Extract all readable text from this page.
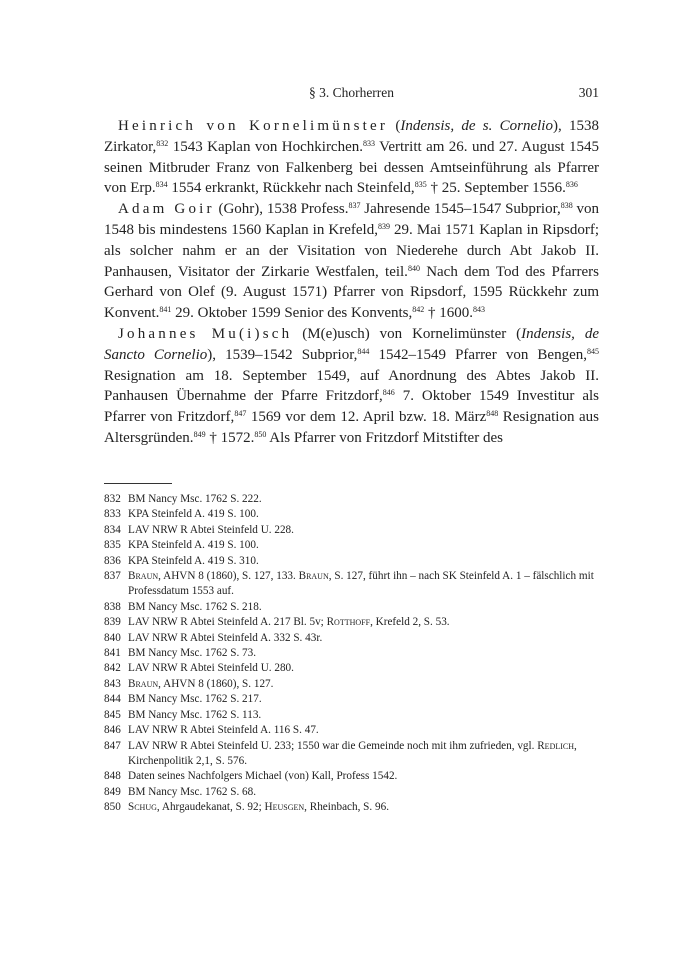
§ 3. Chorherren	301

Heinrich von Kornelimünster (Indensis, de s. Cornelio), 1538 Zirkator,$^{832}$ 1543 Kaplan von Hochkirchen.$^{833}$ Vertritt am 26. und 27. August 1545 seinen Mitbruder Franz von Falkenberg bei dessen Amtseinführung als Pfarrer von Erp.$^{834}$ 1554 erkrankt, Rückkehr nach Steinfeld,$^{835}$ † 25. September 1556.$^{836}$

Adam Goir (Gohr), 1538 Profess.$^{837}$ Jahresende 1545–1547 Subprior,$^{838}$ von 1548 bis mindestens 1560 Kaplan in Krefeld,$^{839}$ 29. Mai 1571 Kaplan in Ripsdorf; als solcher nahm er an der Visitation von Niederehe durch Abt Jakob II. Panhausen, Visitator der Zirkarie Westfalen, teil.$^{840}$ Nach dem Tod des Pfarrers Gerhard von Olef (9. August 1571) Pfarrer von Ripsdorf, 1595 Rückkehr zum Konvent.$^{841}$ 29. Oktober 1599 Senior des Konvents,$^{842}$ † 1600.$^{843}$

Johannes Mu(i)sch (M(e)usch) von Kornelimünster (Indensis, de Sancto Cornelio), 1539–1542 Subprior,$^{844}$ 1542–1549 Pfarrer von Bengen,$^{845}$ Resignation am 18. September 1549, auf Anordnung des Abtes Jakob II. Panhausen Übernahme der Pfarre Fritzdorf,$^{846}$ 7. Oktober 1549 Investitur als Pfarrer von Fritzdorf,$^{847}$ 1569 vor dem 12. April bzw. 18. März$^{848}$ Resignation aus Altersgründen.$^{849}$ † 1572.$^{850}$ Als Pfarrer von Fritzdorf Mitstifter des

832 BM Nancy Msc. 1762 S. 222.
833 KPA Steinfeld A. 419 S. 100.
834 LAV NRW R Abtei Steinfeld U. 228.
835 KPA Steinfeld A. 419 S. 100.
836 KPA Steinfeld A. 419 S. 310.
837 Braun, AHVN 8 (1860), S. 127, 133. Braun, S. 127, führt ihn – nach SK Steinfeld A. 1 – fälschlich mit Professdatum 1553 auf.
838 BM Nancy Msc. 1762 S. 218.
839 LAV NRW R Abtei Steinfeld A. 217 Bl. 5v; Rotthoff, Krefeld 2, S. 53.
840 LAV NRW R Abtei Steinfeld A. 332 S. 43r.
841 BM Nancy Msc. 1762 S. 73.
842 LAV NRW R Abtei Steinfeld U. 280.
843 Braun, AHVN 8 (1860), S. 127.
844 BM Nancy Msc. 1762 S. 217.
845 BM Nancy Msc. 1762 S. 113.
846 LAV NRW R Abtei Steinfeld A. 116 S. 47.
847 LAV NRW R Abtei Steinfeld U. 233; 1550 war die Gemeinde noch mit ihm zufrieden, vgl. Redlich, Kirchenpolitik 2,1, S. 576.
848 Daten seines Nachfolgers Michael (von) Kall, Profess 1542.
849 BM Nancy Msc. 1762 S. 68.
850 Schug, Ahrgaudekanat, S. 92; Heusgen, Rheinbach, S. 96.
